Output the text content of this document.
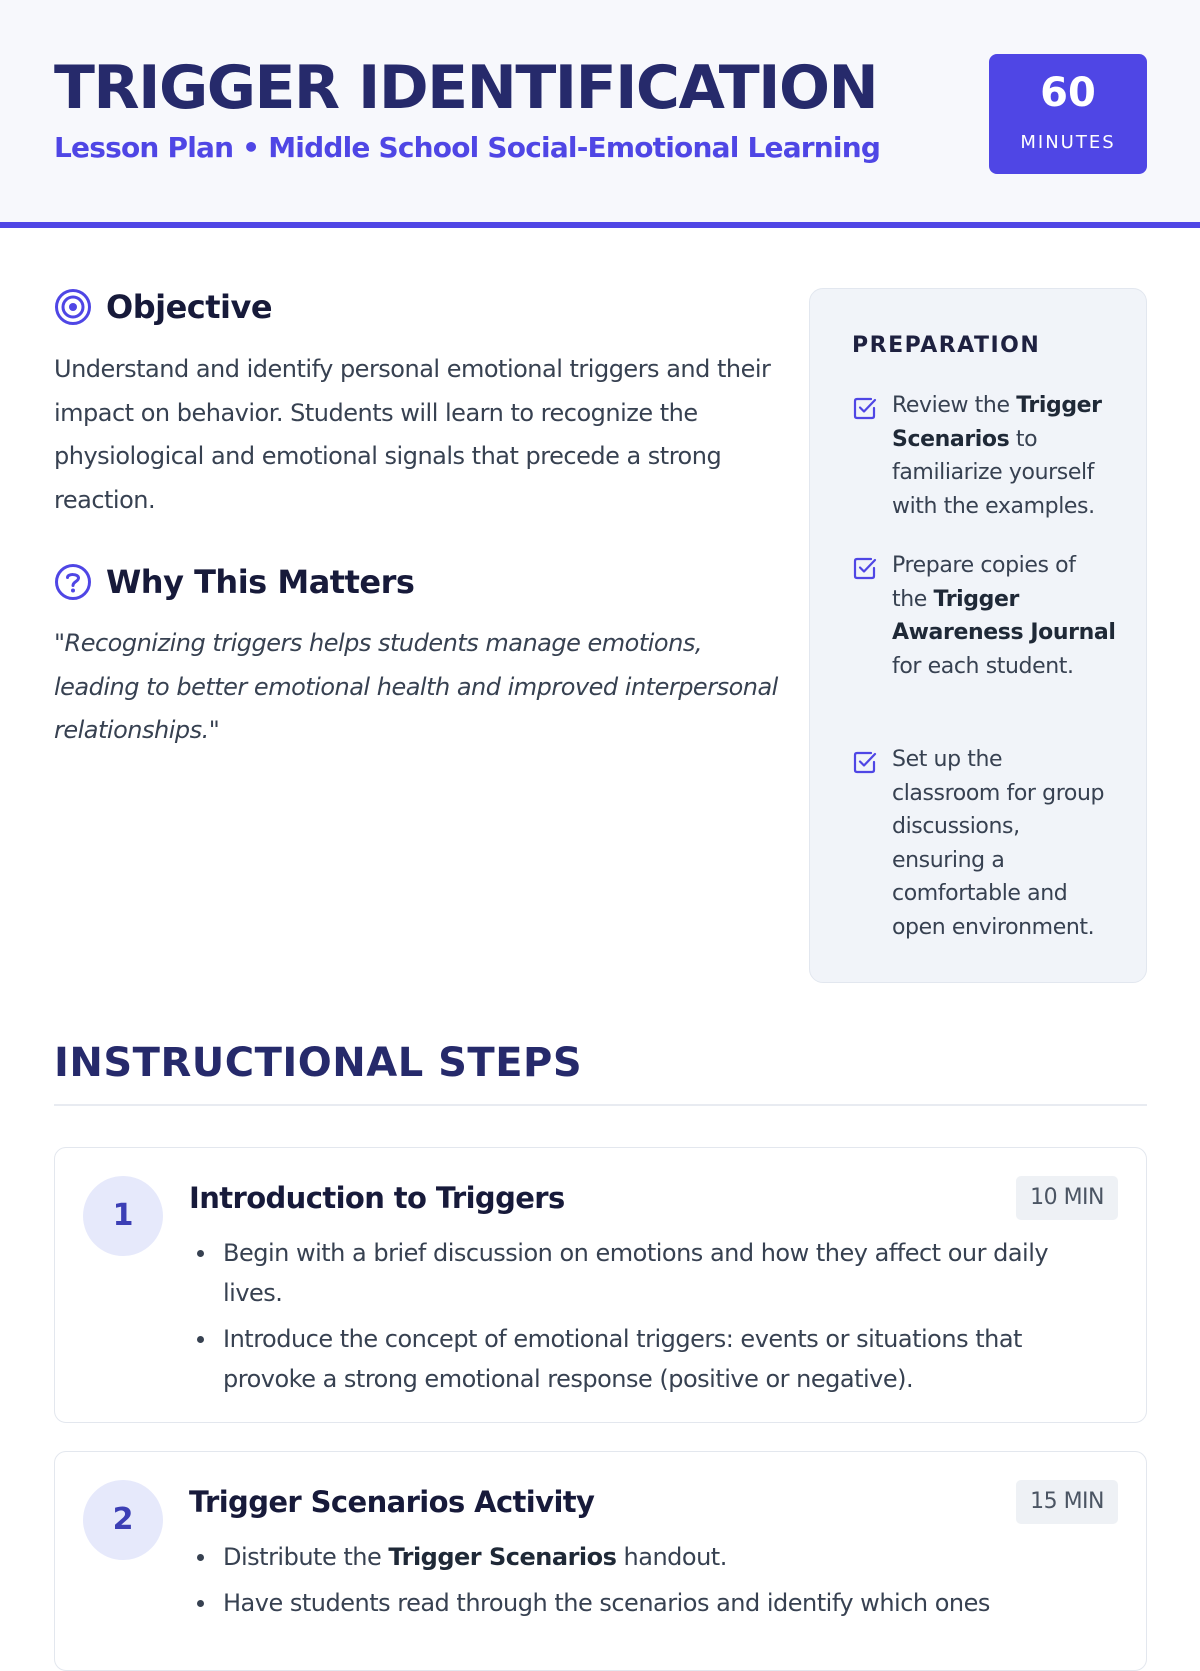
TRIGGER IDENTIFICATION
Lesson Plan • Middle School Social-Emotional Learning
60
MINUTES
Objective
Understand and identify personal emotional triggers and their impact on behavior. Students will learn to recognize the physiological and emotional signals that precede a strong reaction.
Why This Matters
"Recognizing triggers helps students manage emotions, leading to better emotional health and improved interpersonal relationships."
PREPARATION
Review the Trigger Scenarios to familiarize yourself with the examples.
Prepare copies of the Trigger Awareness Journal for each student.
Set up the classroom for group discussions, ensuring a comfortable and open environment.
INSTRUCTIONAL STEPS
1	Introduction to Triggers	10 MIN
Begin with a brief discussion on emotions and how they affect our daily lives.
Introduce the concept of emotional triggers: events or situations that provoke a strong emotional response (positive or negative).
2	Trigger Scenarios Activity	15 MIN
Distribute the Trigger Scenarios handout.
Have students read through the scenarios and identify which ones
